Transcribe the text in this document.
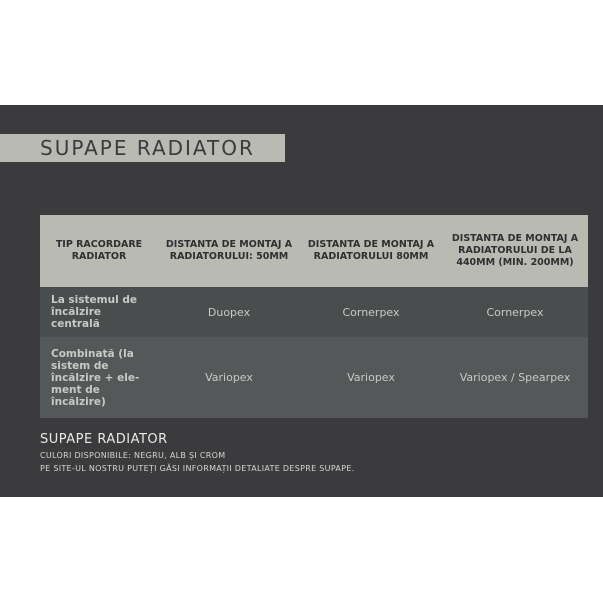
SUPAPE RADIATOR
TIP RACORDARE RADIATOR	DISTANTA DE MONTAJ A RADIATORULUI: 50MM	DISTANTA DE MONTAJ A RADIATORULUI 80MM	DISTANTA DE MONTAJ A RADIATORULUI DE LA 440MM (MIN. 200MM)
La sistemul de încălzire centrală	Duopex	Cornerpex	Cornerpex
Combinată (la sistem de încălzire + ele-ment de încălzire)	Variopex	Variopex	Variopex / Spearpex
SUPAPE RADIATOR
CULORI DISPONIBILE: NEGRU, ALB ȘI CROM
PE SITE-UL NOSTRU PUTEȚI GĂSI INFORMAȚII DETALIATE DESPRE SUPAPE.
